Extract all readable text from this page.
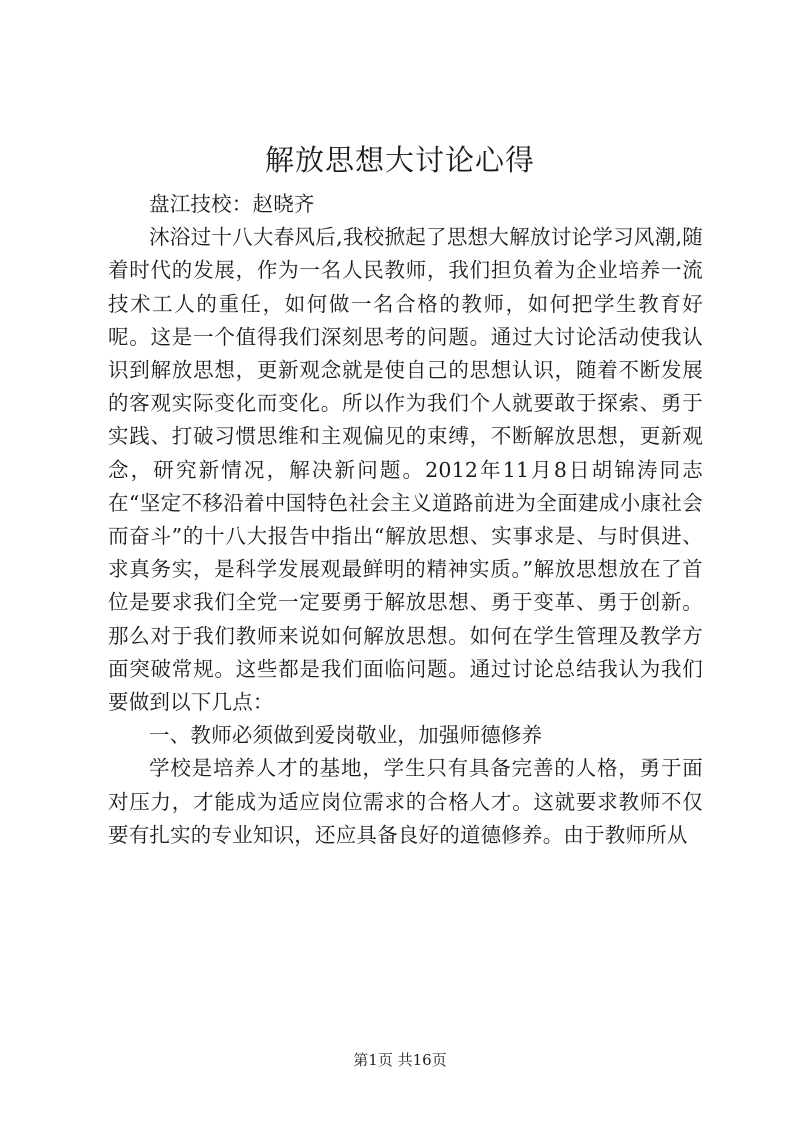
解放思想大讨论心得

盘江技校：赵晓齐

沐浴过十八大春风后,我校掀起了思想大解放讨论学习风潮,随着时代的发展，作为一名人民教师，我们担负着为企业培养一流技术工人的重任，如何做一名合格的教师，如何把学生教育好呢。这是一个值得我们深刻思考的问题。通过大讨论活动使我认识到解放思想，更新观念就是使自己的思想认识，随着不断发展的客观实际变化而变化。所以作为我们个人就要敢于探索、勇于实践、打破习惯思维和主观偏见的束缚，不断解放思想，更新观念，研究新情况，解决新问题。2012年11月8日胡锦涛同志在“坚定不移沿着中国特色社会主义道路前进为全面建成小康社会而奋斗”的十八大报告中指出“解放思想、实事求是、与时俱进、求真务实，是科学发展观最鲜明的精神实质。”解放思想放在了首位是要求我们全党一定要勇于解放思想、勇于变革、勇于创新。那么对于我们教师来说如何解放思想。如何在学生管理及教学方面突破常规。这些都是我们面临问题。通过讨论总结我认为我们要做到以下几点：

一、教师必须做到爱岗敬业，加强师德修养

学校是培养人才的基地，学生只有具备完善的人格，勇于面对压力，才能成为适应岗位需求的合格人才。这就要求教师不仅要有扎实的专业知识，还应具备良好的道德修养。由于教师所从

第1页 共16页
